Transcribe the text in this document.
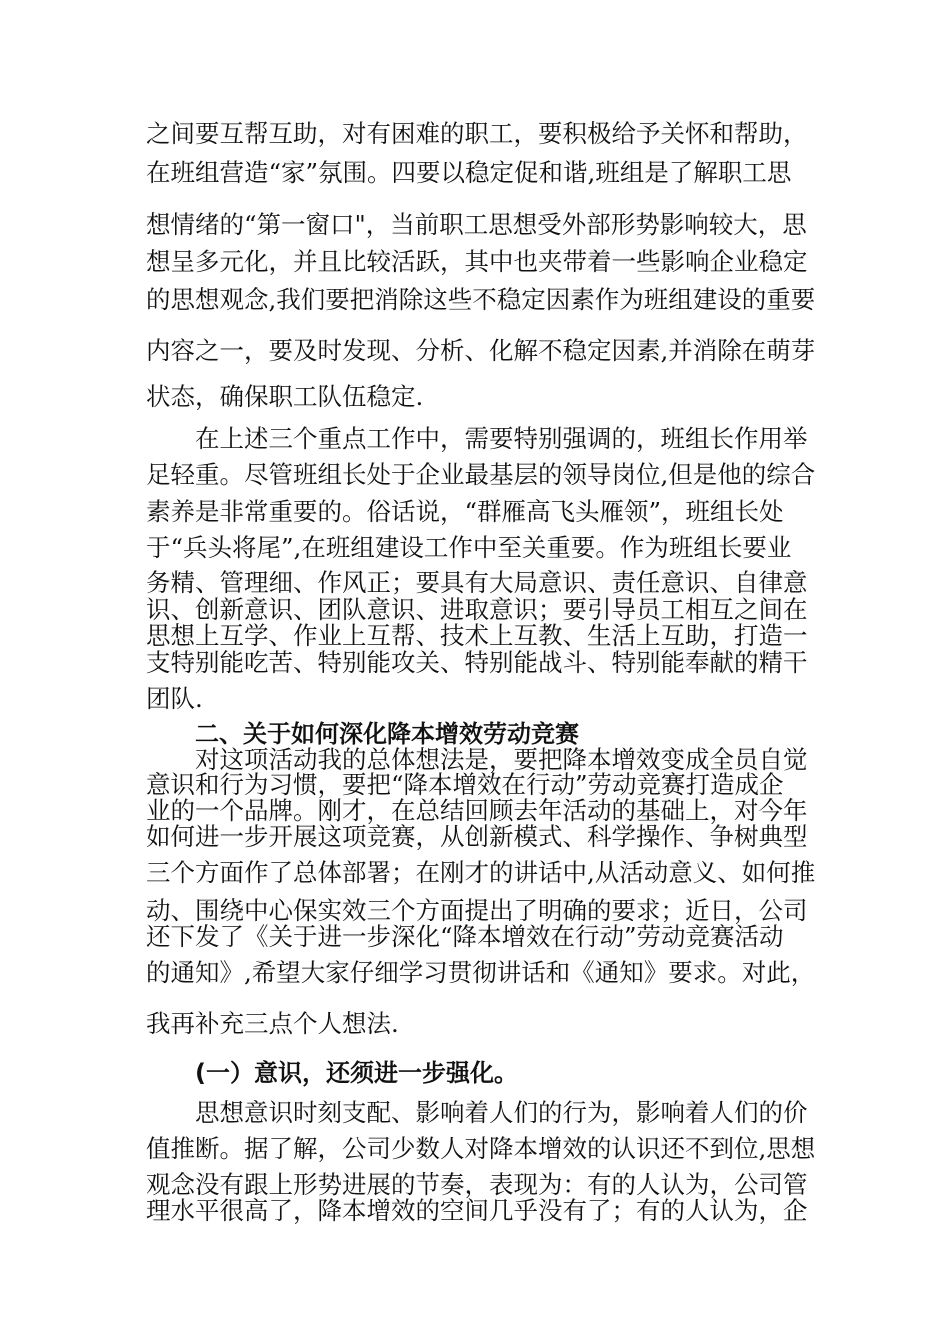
之间要互帮互助，对有困难的职工，要积极给予关怀和帮助，
在班组营造“家”氛围。四要以稳定促和谐,班组是了解职工思
想情绪的“第一窗口"，当前职工思想受外部形势影响较大，思
想呈多元化，并且比较活跃，其中也夹带着一些影响企业稳定
的思想观念,我们要把消除这些不稳定因素作为班组建设的重要
内容之一，要及时发现、分析、化解不稳定因素,并消除在萌芽
状态，确保职工队伍稳定.
在上述三个重点工作中，需要特别强调的，班组长作用举
足轻重。尽管班组长处于企业最基层的领导岗位,但是他的综合
素养是非常重要的。俗话说，“群雁高飞头雁领”，班组长处
于“兵头将尾”,在班组建设工作中至关重要。作为班组长要业
务精、管理细、作风正；要具有大局意识、责任意识、自律意
识、创新意识、团队意识、进取意识；要引导员工相互之间在
思想上互学、作业上互帮、技术上互教、生活上互助，打造一
支特别能吃苦、特别能攻关、特别能战斗、特别能奉献的精干
团队.
二、关于如何深化降本增效劳动竞赛
对这项活动我的总体想法是，要把降本增效变成全员自觉
意识和行为习惯，要把“降本增效在行动”劳动竞赛打造成企
业的一个品牌。刚才，在总结回顾去年活动的基础上，对今年
如何进一步开展这项竞赛，从创新模式、科学操作、争树典型
三个方面作了总体部署；在刚才的讲话中,从活动意义、如何推
动、围绕中心保实效三个方面提出了明确的要求；近日，公司
还下发了《关于进一步深化“降本增效在行动”劳动竞赛活动
的通知》,希望大家仔细学习贯彻讲话和《通知》要求。对此，
我再补充三点个人想法.
(一）意识，还须进一步强化。
思想意识时刻支配、影响着人们的行为，影响着人们的价
值推断。据了解，公司少数人对降本增效的认识还不到位,思想
观念没有跟上形势进展的节奏，表现为：有的人认为，公司管
理水平很高了，降本增效的空间几乎没有了；有的人认为，企
